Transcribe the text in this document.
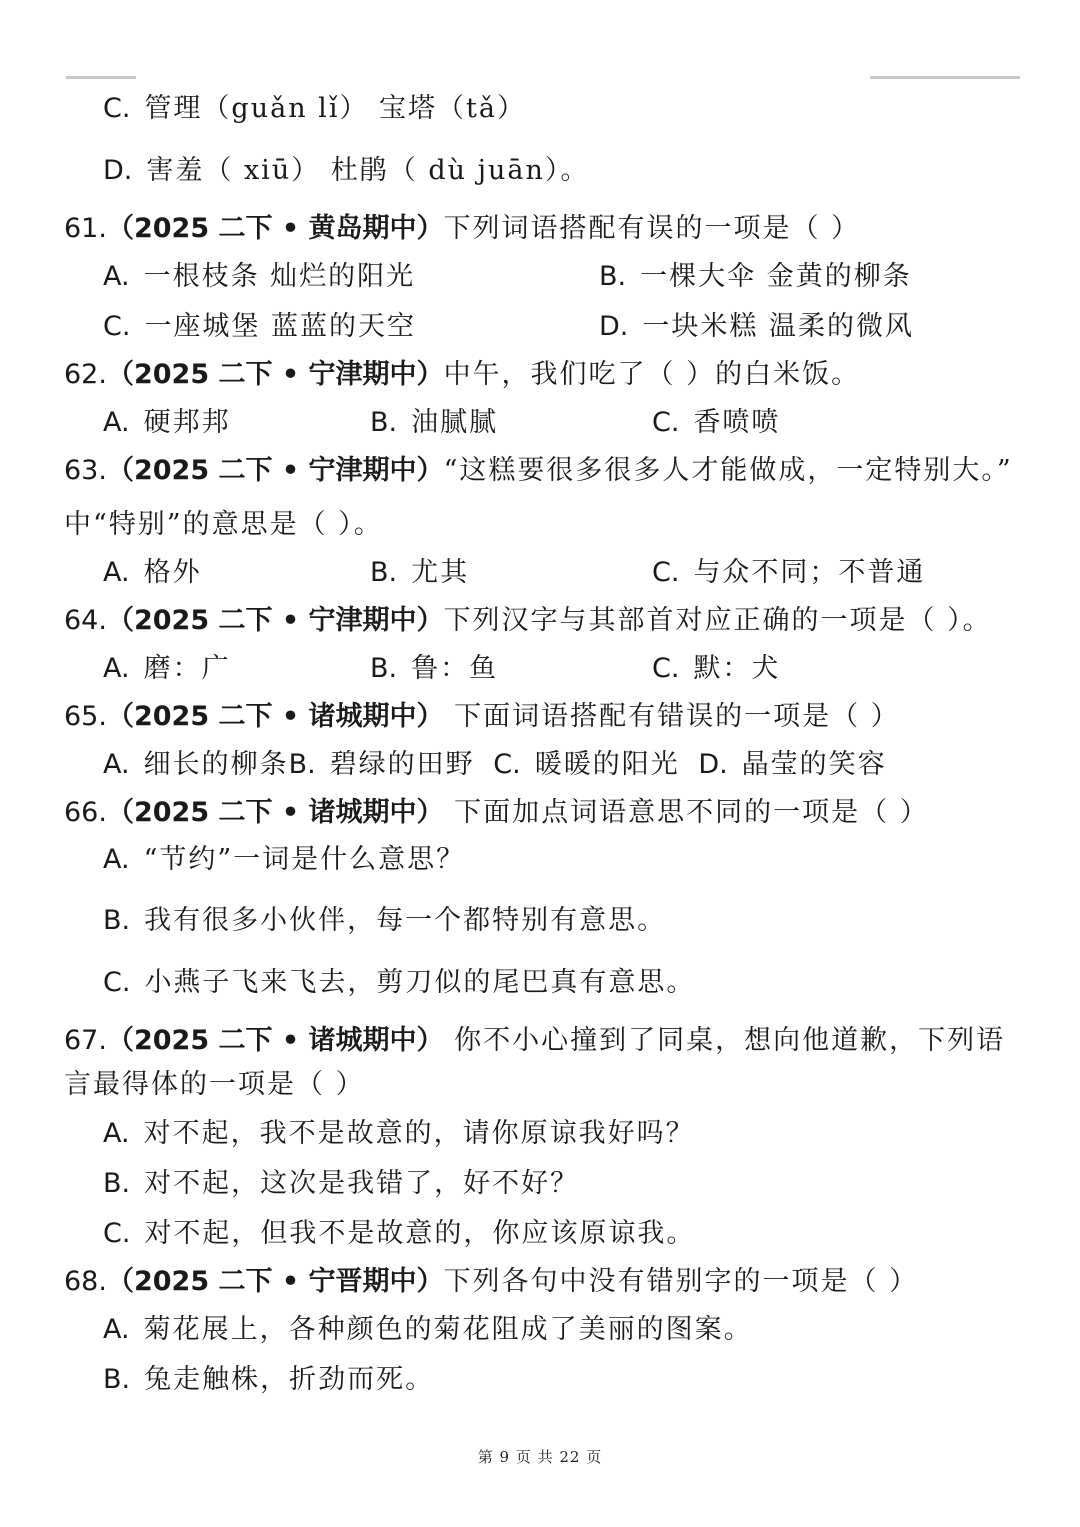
C. 管理（guǎn lǐ） 宝塔（tǎ）
D. 害羞（ xiū） 杜鹃（ dù juān）。
61.（2025 二下 • 黄岛期中）下列词语搭配有误的一项是（ ）
A. 一根枝条 灿烂的阳光	B. 一棵大伞 金黄的柳条
C. 一座城堡 蓝蓝的天空	D. 一块米糕 温柔的微风
62.（2025 二下 • 宁津期中）中午，我们吃了（ ）的白米饭。
A. 硬邦邦	B. 油腻腻	C. 香喷喷
63.（2025 二下 • 宁津期中）“这糕要很多很多人才能做成，一定特别大。”
中“特别”的意思是（ ）。
A. 格外	B. 尤其	C. 与众不同；不普通
64.（2025 二下 • 宁津期中）下列汉字与其部首对应正确的一项是（ ）。
A. 磨：广	B. 鲁：鱼	C. 默：犬
65.（2025 二下 • 诸城期中） 下面词语搭配有错误的一项是（ ）
A. 细长的柳条B. 碧绿的田野 C. 暖暖的阳光 D. 晶莹的笑容
66.（2025 二下 • 诸城期中） 下面加点词语意思不同的一项是（ ）
A. “节约”一词是什么意思？
B. 我有很多小伙伴，每一个都特别有意思。
C. 小燕子飞来飞去，剪刀似的尾巴真有意思。
67.（2025 二下 • 诸城期中） 你不小心撞到了同桌，想向他道歉，下列语
言最得体的一项是（ ）
A. 对不起，我不是故意的，请你原谅我好吗？
B. 对不起，这次是我错了，好不好？
C. 对不起，但我不是故意的，你应该原谅我。
68.（2025 二下 • 宁晋期中）下列各句中没有错别字的一项是（ ）
A. 菊花展上，各种颜色的菊花阻成了美丽的图案。
B. 兔走触株，折劲而死。
第 9 页 共 22 页
